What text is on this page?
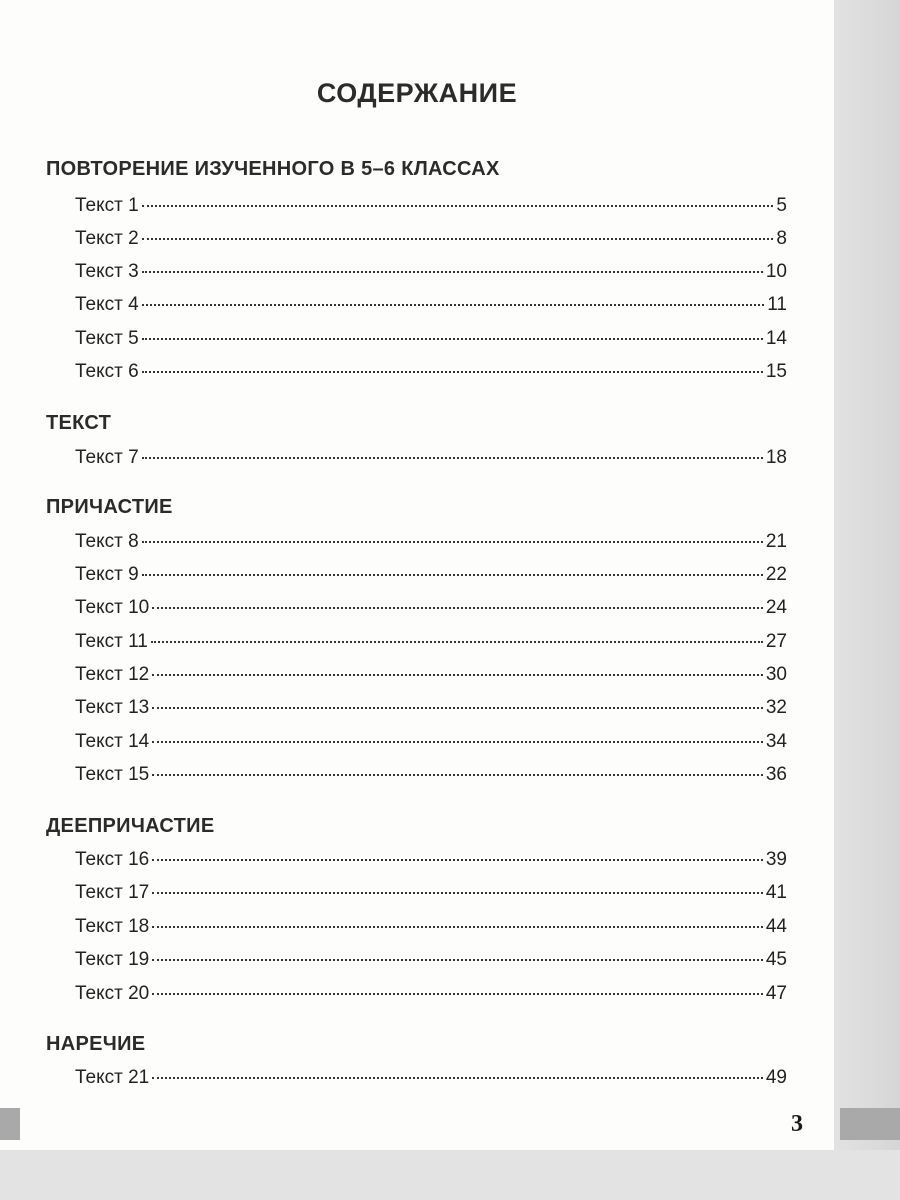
СОДЕРЖАНИЕ
ПОВТОРЕНИЕ ИЗУЧЕННОГО В 5–6 КЛАССАХ
Текст 1	5
Текст 2	8
Текст 3	10
Текст 4	11
Текст 5	14
Текст 6	15
ТЕКСТ
Текст 7	18
ПРИЧАСТИЕ
Текст 8	21
Текст 9	22
Текст 10	24
Текст 11	27
Текст 12	30
Текст 13	32
Текст 14	34
Текст 15	36
ДЕЕПРИЧАСТИЕ
Текст 16	39
Текст 17	41
Текст 18	44
Текст 19	45
Текст 20	47
НАРЕЧИЕ
Текст 21	49
3
